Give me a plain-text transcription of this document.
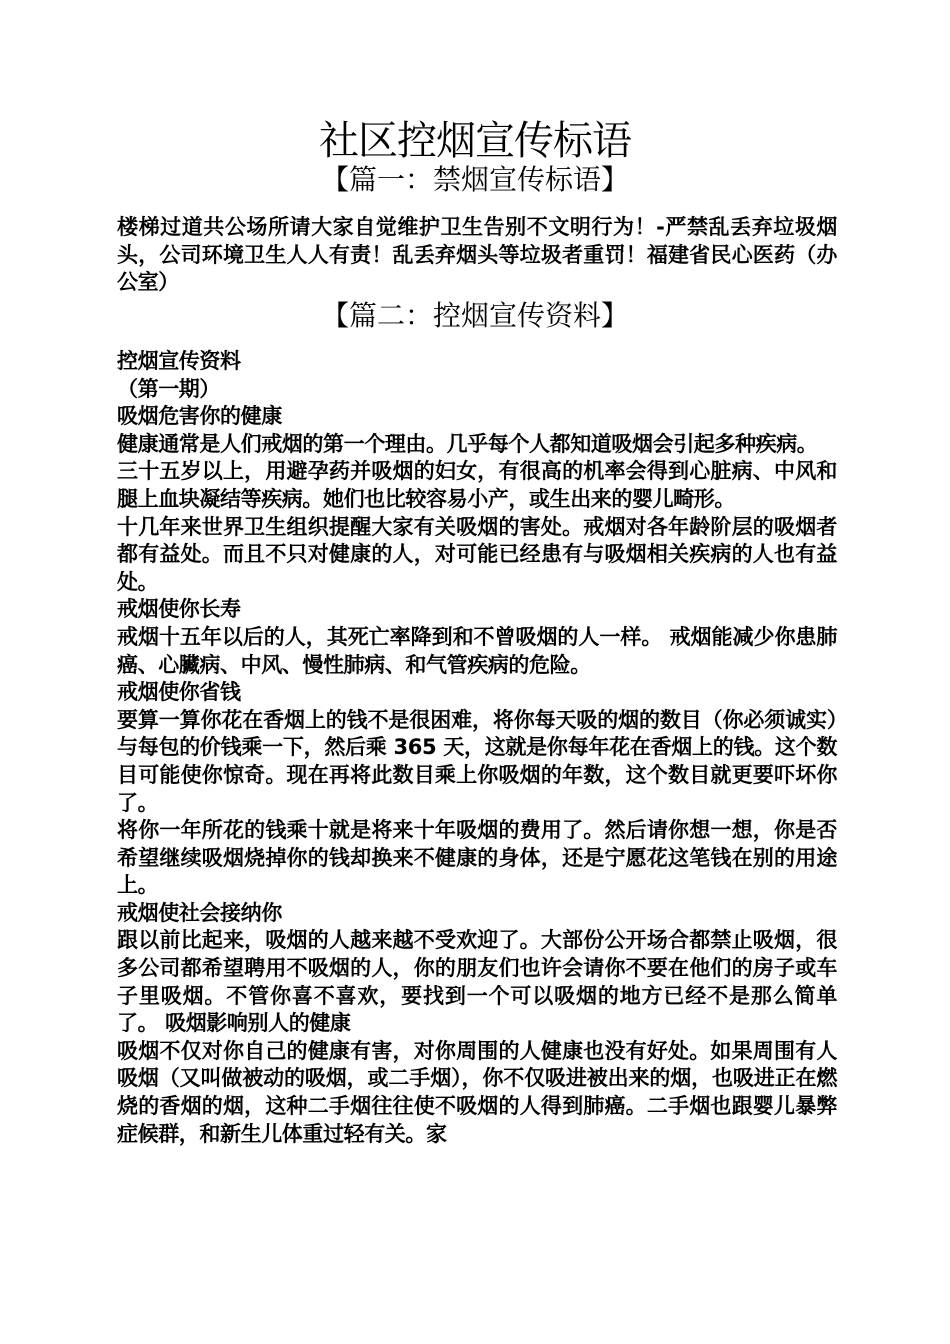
社区控烟宣传标语
【篇一：禁烟宣传标语】

楼梯过道共公场所请大家自觉维护卫生告别不文明行为！-严禁乱丢弃垃圾烟头，公司环境卫生人人有责！乱丢弃烟头等垃圾者重罚！福建省民心医药（办公室）

【篇二：控烟宣传资料】

控烟宣传资料

（第一期）

吸烟危害你的健康

健康通常是人们戒烟的第一个理由。几乎每个人都知道吸烟会引起多种疾病。

三十五岁以上，用避孕药并吸烟的妇女，有很高的机率会得到心脏病、中风和腿上血块凝结等疾病。她们也比较容易小产，或生出来的婴儿畸形。

十几年来世界卫生组织提醒大家有关吸烟的害处。戒烟对各年龄阶层的吸烟者都有益处。而且不只对健康的人，对可能已经患有与吸烟相关疾病的人也有益处。

戒烟使你长寿

戒烟十五年以后的人，其死亡率降到和不曾吸烟的人一样。 戒烟能减少你患肺癌、心臟病、中风、慢性肺病、和气管疾病的危险。

戒烟使你省钱

要算一算你花在香烟上的钱不是很困难，将你每天吸的烟的数目（你必须诚实）与每包的价钱乘一下，然后乘 365 天，这就是你每年花在香烟上的钱。这个数目可能使你惊奇。现在再将此数目乘上你吸烟的年数，这个数目就更要吓坏你了。

将你一年所花的钱乘十就是将来十年吸烟的费用了。然后请你想一想，你是否希望继续吸烟烧掉你的钱却换来不健康的身体，还是宁愿花这笔钱在别的用途上。

戒烟使社会接纳你

跟以前比起来，吸烟的人越来越不受欢迎了。大部份公开场合都禁止吸烟，很多公司都希望聘用不吸烟的人，你的朋友们也许会请你不要在他们的房子或车子里吸烟。不管你喜不喜欢，要找到一个可以吸烟的地方已经不是那么简单了。 吸烟影响别人的健康

吸烟不仅对你自己的健康有害，对你周围的人健康也没有好处。如果周围有人吸烟（又叫做被动的吸烟，或二手烟），你不仅吸进被出来的烟，也吸进正在燃烧的香烟的烟，这种二手烟往往使不吸烟的人得到肺癌。二手烟也跟婴儿暴弊症候群，和新生儿体重过轻有关。家
